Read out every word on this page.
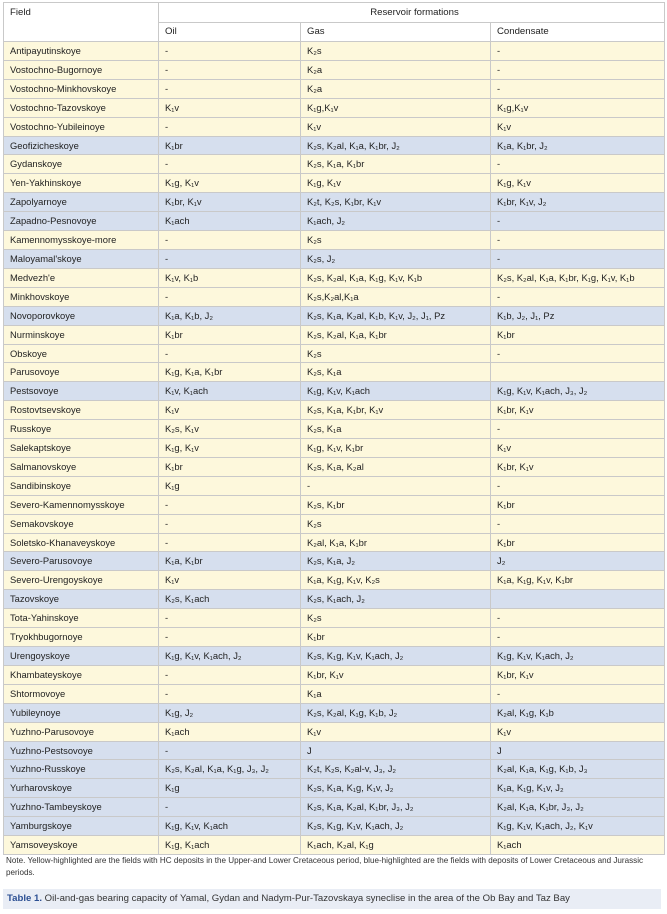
Field	Reservoir formations		
	Oil	Gas	Condensate
Antipayutinskoye	-	K₂s	-
Vostochno-Bugornoye	-	K₂a	-
Vostochno-Minkhovskoye	-	K₂a	-
Vostochno-Tazovskoye	K₁v	K₁g,K₁v	K₁g,K₁v
Vostochno-Yubileinoye	-	K₁v	K₁v
Geofizicheskoye	K₁br	K₂s, K₂al, K₁a, K₁br, J₂	K₁a, K₁br, J₂
Gydanskoye	-	K₂s, K₁a, K₁br	-
Yen-Yakhinskoye	K₁g, K₁v	K₁g, K₁v	K₁g, K₁v
Zapolyarnoye	K₁br, K₁v	K₂t, K₂s, K₁br, K₁v	K₁br, K₁v, J₂
Zapadno-Pesnovoye	K₁ach	K₁ach, J₂	-
Kamennomysskoye-more	-	K₂s	-
Maloyamal'skoye	-	K₂s, J₂	-
Medvezh'e	K₁v, K₁b	K₂s, K₂al, K₁a, K₁g, K₁v, K₁b	K₂s, K₂al, K₁a, K₁br, K₁g, K₁v, K₁b
Minkhovskoye	-	K₂s,K₂al,K₁a	-
Novoporovkoye	K₁a, K₁b, J₂	K₂s, K₁a, K₂al, K₁b, K₁v, J₂, J₁, Pz	K₁b, J₂, J₁, Pz
Nurminskoye	K₁br	K₂s, K₂al, K₁a, K₁br	K₁br
Obskoye	-	K₂s	-
Parusovoye	K₁g, K₁a, K₁br	K₂s, K₁a	
Pestsovoye	K₁v, K₁ach	K₁g, K₁v, K₁ach	K₁g, K₁v, K₁ach, J₃, J₂
Rostovtsevskoye	K₁v	K₂s, K₁a, K₁br, K₁v	K₁br, K₁v
Russkoye	K₂s, K₁v	K₂s, K₁a	-
Salekaptskoye	K₁g, K₁v	K₁g, K₁v, K₁br	K₁v
Salmanovskoye	K₁br	K₂s, K₁a, K₂al	K₁br, K₁v
Sandibinskoye	K₁g	-	-
Severo-Kamennomysskoye	-	K₂s, K₁br	K₁br
Semakovskoye	-	K₂s	-
Soletsko-Khanaveyskoye	-	K₂al, K₁a, K₁br	K₁br
Severo-Parusovoye	K₁a, K₁br	K₂s, K₁a, J₂	J₂
Severo-Urengoyskoye	K₁v	K₁a, K₁g, K₁v, K₂s	K₁a, K₁g, K₁v, K₁br
Tazovskoye	K₂s, K₁ach	K₂s, K₁ach, J₂	
Tota-Yahinskoye	-	K₂s	-
Tryokhbugornoye	-	K₁br	-
Urengoyskoye	K₁g, K₁v, K₁ach, J₂	K₂s, K₁g, K₁v, K₁ach, J₂	K₁g, K₁v, K₁ach, J₂
Khambateyskoye	-	K₁br, K₁v	K₁br, K₁v
Shtormovoye	-	K₁a	-
Yubileynoye	K₁g, J₂	K₂s, K₂al, K₁g, K₁b, J₂	K₂al, K₁g, K₁b
Yuzhno-Parusovoye	K₁ach	K₁v	K₁v
Yuzhno-Pestsovoye	-	J	J
Yuzhno-Russkoye	K₂s, K₂al, K₁a, K₁g, J₃, J₂	K₂t, K₂s, K₂al-v, J₃, J₂	K₂al, K₁a, K₁g, K₁b, J₃
Yurharovskoye	K₁g	K₂s, K₁a, K₁g, K₁v, J₂	K₁a, K₁g, K₁v, J₂
Yuzhno-Tambeyskoye	-	K₂s, K₁a, K₂al, K₁br, J₃, J₂	K₂al, K₁a, K₁br, J₃, J₂
Yamburgskoye	K₁g, K₁v, K₁ach	K₂s, K₁g, K₁v, K₁ach, J₂	K₁g, K₁v, K₁ach, J₂, K₁v
Yamsoveyskoye	K₁g, K₁ach	K₁ach, K₂al, K₁g	K₁ach
Note. Yellow-highlighted are the fields with HC deposits in the Upper-and Lower Cretaceous period, blue-highlighted are the fields with deposits of Lower Cretaceous and Jurassic periods.
Table 1. Oil-and-gas bearing capacity of Yamal, Gydan and Nadym-Pur-Tazovskaya syneclise in the area of the Ob Bay and Taz Bay
